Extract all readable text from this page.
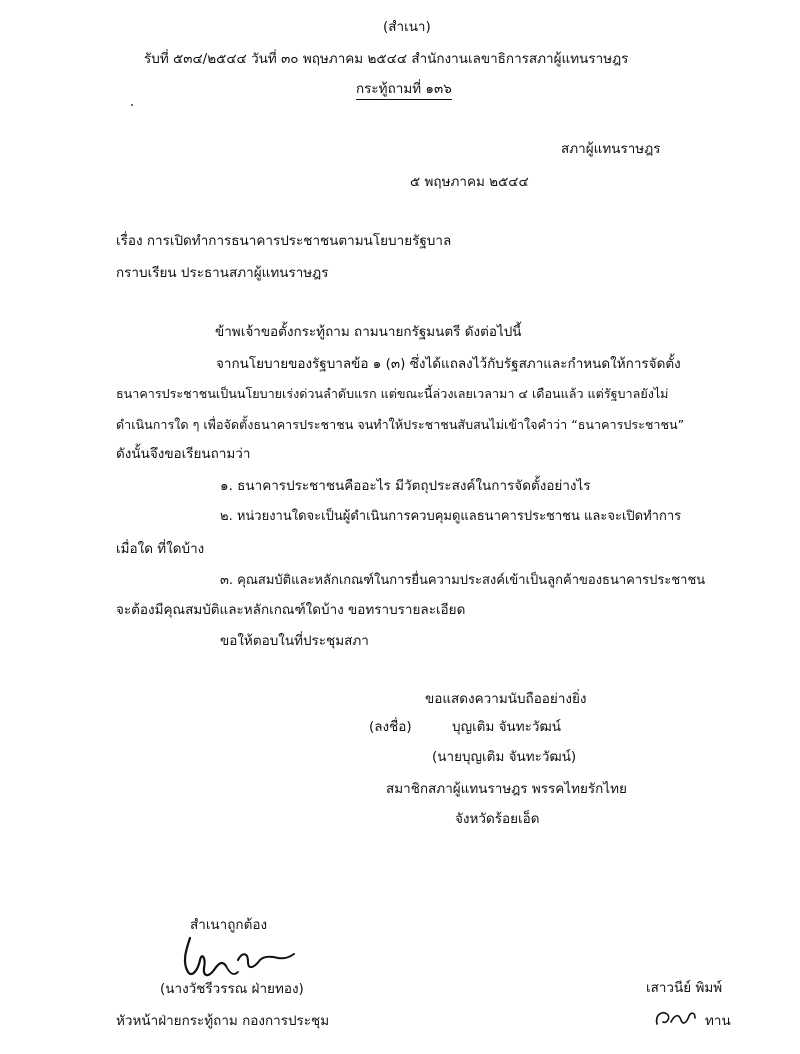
(สำเนา)
รับที่ ๕๓๔/๒๕๔๔ วันที่ ๓๐ พฤษภาคม ๒๕๔๔ สำนักงานเลขาธิการสภาผู้แทนราษฎร
กระทู้ถามที่ ๑๓๖
สภาผู้แทนราษฎร
๕ พฤษภาคม ๒๕๔๔
เรื่อง การเปิดทำการธนาคารประชาชนตามนโยบายรัฐบาล
กราบเรียน ประธานสภาผู้แทนราษฎร
ข้าพเจ้าขอตั้งกระทู้ถาม ถามนายกรัฐมนตรี ดังต่อไปนี้
จากนโยบายของรัฐบาลข้อ ๑ (๓) ซึ่งได้แถลงไว้กับรัฐสภาและกำหนดให้การจัดตั้ง
ธนาคารประชาชนเป็นนโยบายเร่งด่วนลำดับแรก แต่ขณะนี้ล่วงเลยเวลามา ๔ เดือนแล้ว แต่รัฐบาลยังไม่
ดำเนินการใด ๆ เพื่อจัดตั้งธนาคารประชาชน จนทำให้ประชาชนสับสนไม่เข้าใจคำว่า “ธนาคารประชาชน”
ดังนั้นจึงขอเรียนถามว่า
๑. ธนาคารประชาชนคืออะไร มีวัตถุประสงค์ในการจัดตั้งอย่างไร
๒. หน่วยงานใดจะเป็นผู้ดำเนินการควบคุมดูแลธนาคารประชาชน และจะเปิดทำการ
เมื่อใด ที่ใดบ้าง
๓. คุณสมบัติและหลักเกณฑ์ในการยื่นความประสงค์เข้าเป็นลูกค้าของธนาคารประชาชน
จะต้องมีคุณสมบัติและหลักเกณฑ์ใดบ้าง ขอทราบรายละเอียด
ขอให้ตอบในที่ประชุมสภา
ขอแสดงความนับถืออย่างยิ่ง
(ลงชื่อ)	บุญเติม จันทะวัฒน์
(นายบุญเติม จันทะวัฒน์)
สมาชิกสภาผู้แทนราษฎร พรรคไทยรักไทย
จังหวัดร้อยเอ็ด
สำเนาถูกต้อง
(นางวัชรีวรรณ ฝ่ายทอง)
หัวหน้าฝ่ายกระทู้ถาม กองการประชุม
เสาวนีย์ พิมพ์
ทาน
